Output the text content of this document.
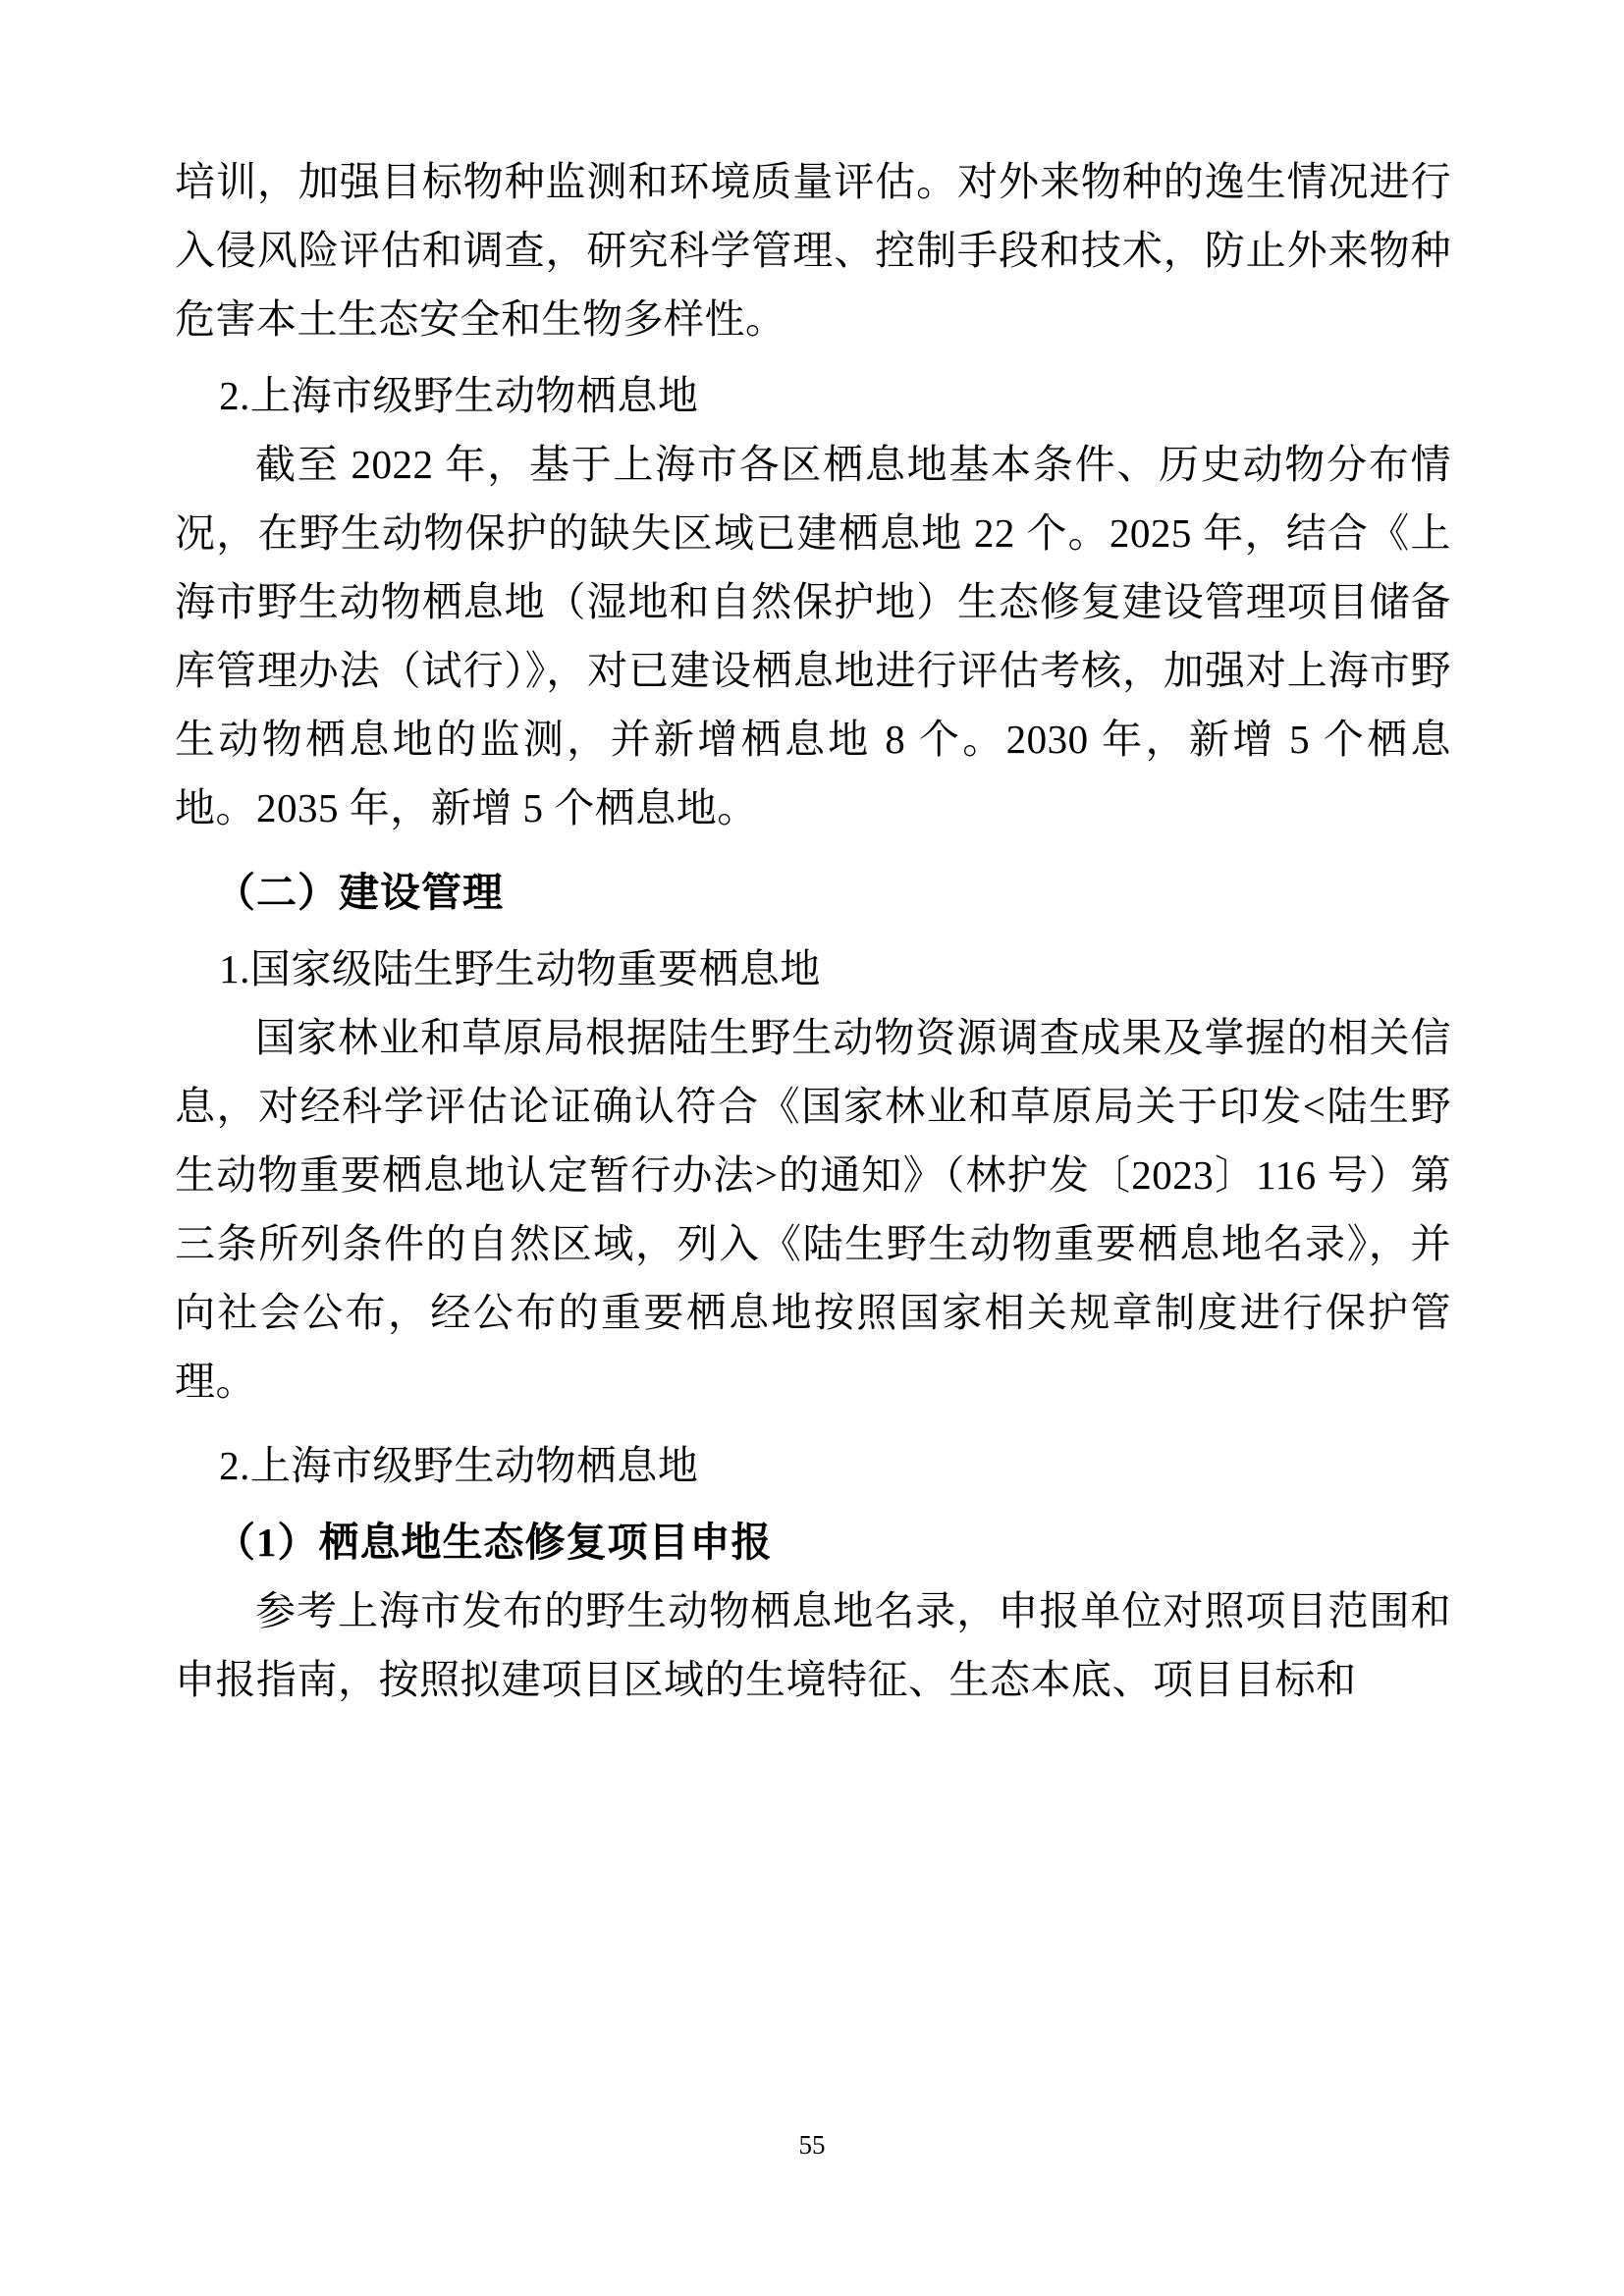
培训，加强目标物种监测和环境质量评估。对外来物种的逸生情况进行入侵风险评估和调查，研究科学管理、控制手段和技术，防止外来物种危害本土生态安全和生物多样性。

2.上海市级野生动物栖息地

截至 2022 年，基于上海市各区栖息地基本条件、历史动物分布情况，在野生动物保护的缺失区域已建栖息地 22 个。2025 年，结合《上海市野生动物栖息地（湿地和自然保护地）生态修复建设管理项目储备库管理办法（试行）》，对已建设栖息地进行评估考核，加强对上海市野生动物栖息地的监测，并新增栖息地 8 个。2030 年，新增 5 个栖息地。2035 年，新增 5 个栖息地。

（二）建设管理

1.国家级陆生野生动物重要栖息地

国家林业和草原局根据陆生野生动物资源调查成果及掌握的相关信息，对经科学评估论证确认符合《国家林业和草原局关于印发<陆生野生动物重要栖息地认定暂行办法>的通知》（林护发〔2023〕116 号）第三条所列条件的自然区域，列入《陆生野生动物重要栖息地名录》，并向社会公布，经公布的重要栖息地按照国家相关规章制度进行保护管理。

2.上海市级野生动物栖息地

（1）栖息地生态修复项目申报

参考上海市发布的野生动物栖息地名录，申报单位对照项目范围和申报指南，按照拟建项目区域的生境特征、生态本底、项目目标和

55
